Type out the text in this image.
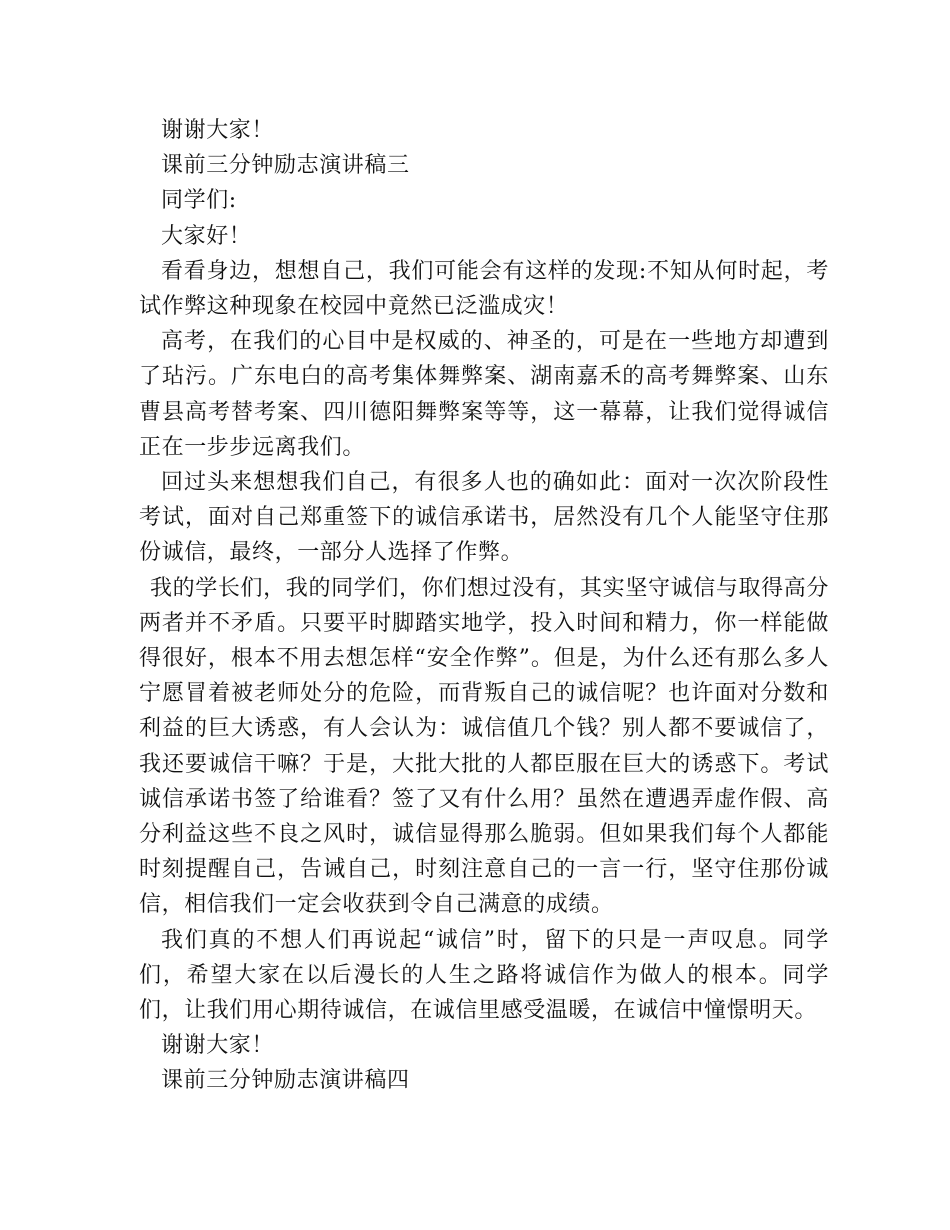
谢谢大家！

课前三分钟励志演讲稿三

同学们:

大家好！

看看身边，想想自己，我们可能会有这样的发现:不知从何时起，考试作弊这种现象在校园中竟然已泛滥成灾！

高考，在我们的心目中是权威的、神圣的，可是在一些地方却遭到了玷污。广东电白的高考集体舞弊案、湖南嘉禾的高考舞弊案、山东曹县高考替考案、四川德阳舞弊案等等，这一幕幕，让我们觉得诚信正在一步步远离我们。

回过头来想想我们自己，有很多人也的确如此：面对一次次阶段性考试，面对自己郑重签下的诚信承诺书，居然没有几个人能坚守住那份诚信，最终，一部分人选择了作弊。

我的学长们，我的同学们，你们想过没有，其实坚守诚信与取得高分两者并不矛盾。只要平时脚踏实地学，投入时间和精力，你一样能做得很好，根本不用去想怎样“安全作弊”。但是，为什么还有那么多人宁愿冒着被老师处分的危险，而背叛自己的诚信呢？也许面对分数和利益的巨大诱惑，有人会认为：诚信值几个钱？别人都不要诚信了，我还要诚信干嘛？于是，大批大批的人都臣服在巨大的诱惑下。考试诚信承诺书签了给谁看？签了又有什么用？虽然在遭遇弄虚作假、高分利益这些不良之风时，诚信显得那么脆弱。但如果我们每个人都能时刻提醒自己，告诫自己，时刻注意自己的一言一行，坚守住那份诚信，相信我们一定会收获到令自己满意的成绩。

我们真的不想人们再说起“诚信”时，留下的只是一声叹息。同学们，希望大家在以后漫长的人生之路将诚信作为做人的根本。同学们，让我们用心期待诚信，在诚信里感受温暖，在诚信中憧憬明天。

谢谢大家！

课前三分钟励志演讲稿四
